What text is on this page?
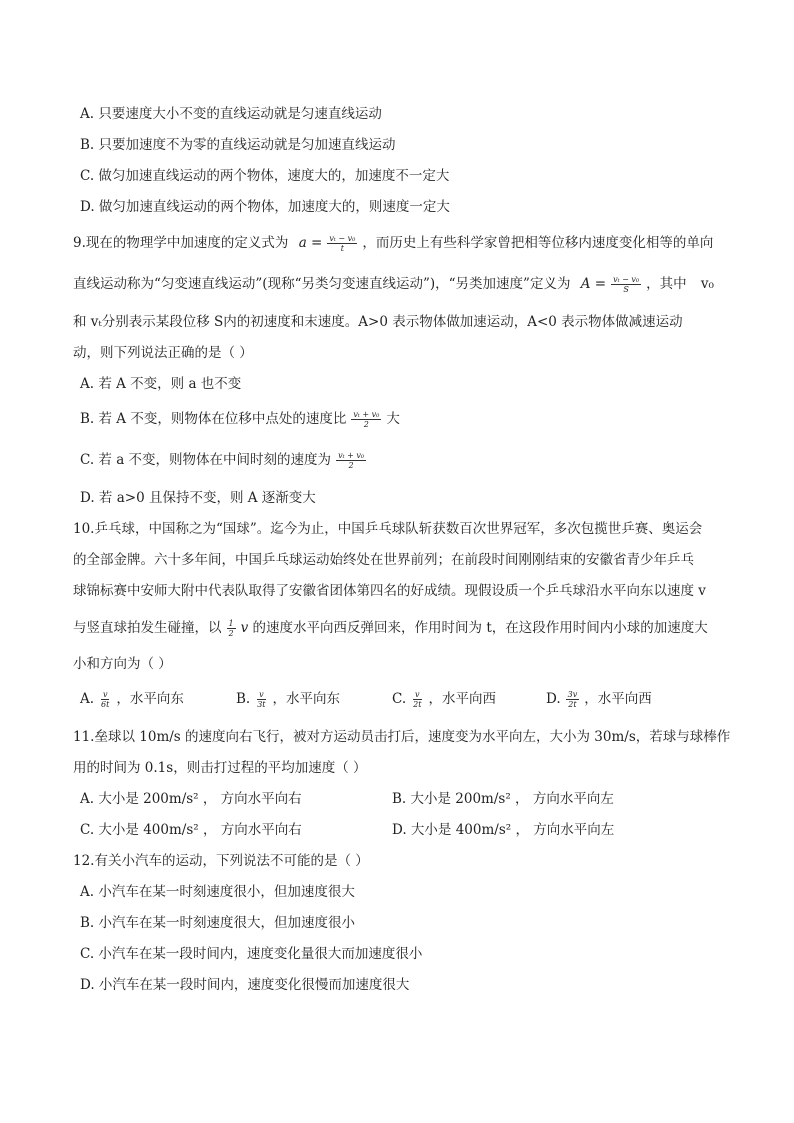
A. 只要速度大小不变的直线运动就是匀速直线运动
B. 只要加速度不为零的直线运动就是匀加速直线运动
C. 做匀加速直线运动的两个物体，速度大的，加速度不一定大
D. 做匀加速直线运动的两个物体，加速度大的，则速度一定大
9.现在的物理学中加速度的定义式为 $a = \frac{\text{vₜ − v₀}}{t}$ ，而历史上有些科学家曾把相等位移内速度变化相等的单向
直线运动称为“匀变速直线运动”(现称“另类匀变速直线运动”)，“另类加速度”定义为 $A = \frac{\text{vₜ − v₀}}{S}$ ，其中 v₀
和 vₜ分别表示某段位移 S内的初速度和末速度。A>0 表示物体做加速运动，A<0 表示物体做减速运动
动，则下列说法正确的是（ ）
A. 若 A 不变，则 a 也不变
B. 若 A 不变，则物体在位移中点处的速度比 $\frac{\text{vₜ + v₀}}{2}$ 大
C. 若 a 不变，则物体在中间时刻的速度为 $\frac{\text{vₜ + v₀}}{2}$
D. 若 a>0 且保持不变，则 A 逐渐变大
10.乒乓球，中国称之为“国球”。迄今为止，中国乒乓球队斩获数百次世界冠军，多次包揽世乒赛、奥运会
的全部金牌。六十多年间，中国乒乓球运动始终处在世界前列；在前段时间刚刚结束的安徽省青少年乒乓
球锦标赛中安师大附中代表队取得了安徽省团体第四名的好成绩。现假设质一个乒乓球沿水平向东以速度 v
与竖直球拍发生碰撞，以 $\frac{1}{2}$ v 的速度水平向西反弹回来，作用时间为 t，在这段作用时间内小球的加速度大
小和方向为（ ）
A. $\frac{v}{6t}$ ，水平向东	B. $\frac{v}{3t}$ ，水平向东	C. $\frac{v}{2t}$ ，水平向西	D. $\frac{3v}{2t}$ ，水平向西
11.垒球以 10m/s 的速度向右飞行，被对方运动员击打后，速度变为水平向左，大小为 30m/s，若球与球棒作
用的时间为 0.1s，则击打过程的平均加速度（ ）
A. 大小是 200m/s² ， 方向水平向右	B. 大小是 200m/s² ， 方向水平向左
C. 大小是 400m/s² ， 方向水平向右	D. 大小是 400m/s² ， 方向水平向左
12.有关小汽车的运动，下列说法不可能的是（ ）
A. 小汽车在某一时刻速度很小，但加速度很大
B. 小汽车在某一时刻速度很大，但加速度很小
C. 小汽车在某一段时间内，速度变化量很大而加速度很小
D. 小汽车在某一段时间内，速度变化很慢而加速度很大
